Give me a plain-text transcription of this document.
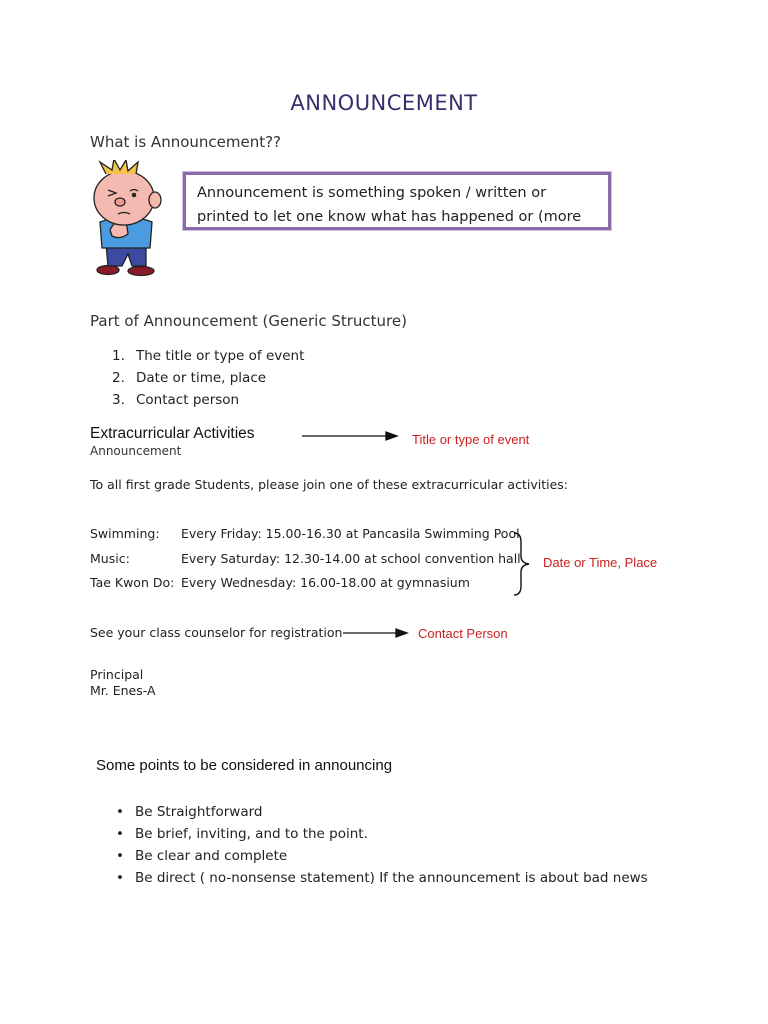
ANNOUNCEMENT
What is Announcement??
Announcement is something spoken / written or
printed to let one know what has happened or (more
Part of Announcement (Generic Structure)
1. The title or type of event
2. Date or time, place
3. Contact person
Extracurricular Activities
Announcement
To all first grade Students, please join one of these extracurricular activities:
Swimming: Every Friday: 15.00-16.30 at Pancasila Swimming Pool
Music:	Every Saturday: 12.30-14.00 at school convention hall
Tae Kwon Do: Every Wednesday: 16.00-18.00 at gymnasium
See your class counselor for registration
Principal
Mr. Enes-A
Title or type of event
Date or Time, Place
Contact Person
Some points to be considered in announcing
• Be Straightforward
• Be brief, inviting, and to the point.
• Be clear and complete
• Be direct ( no-nonsense statement) If the announcement is about bad news
